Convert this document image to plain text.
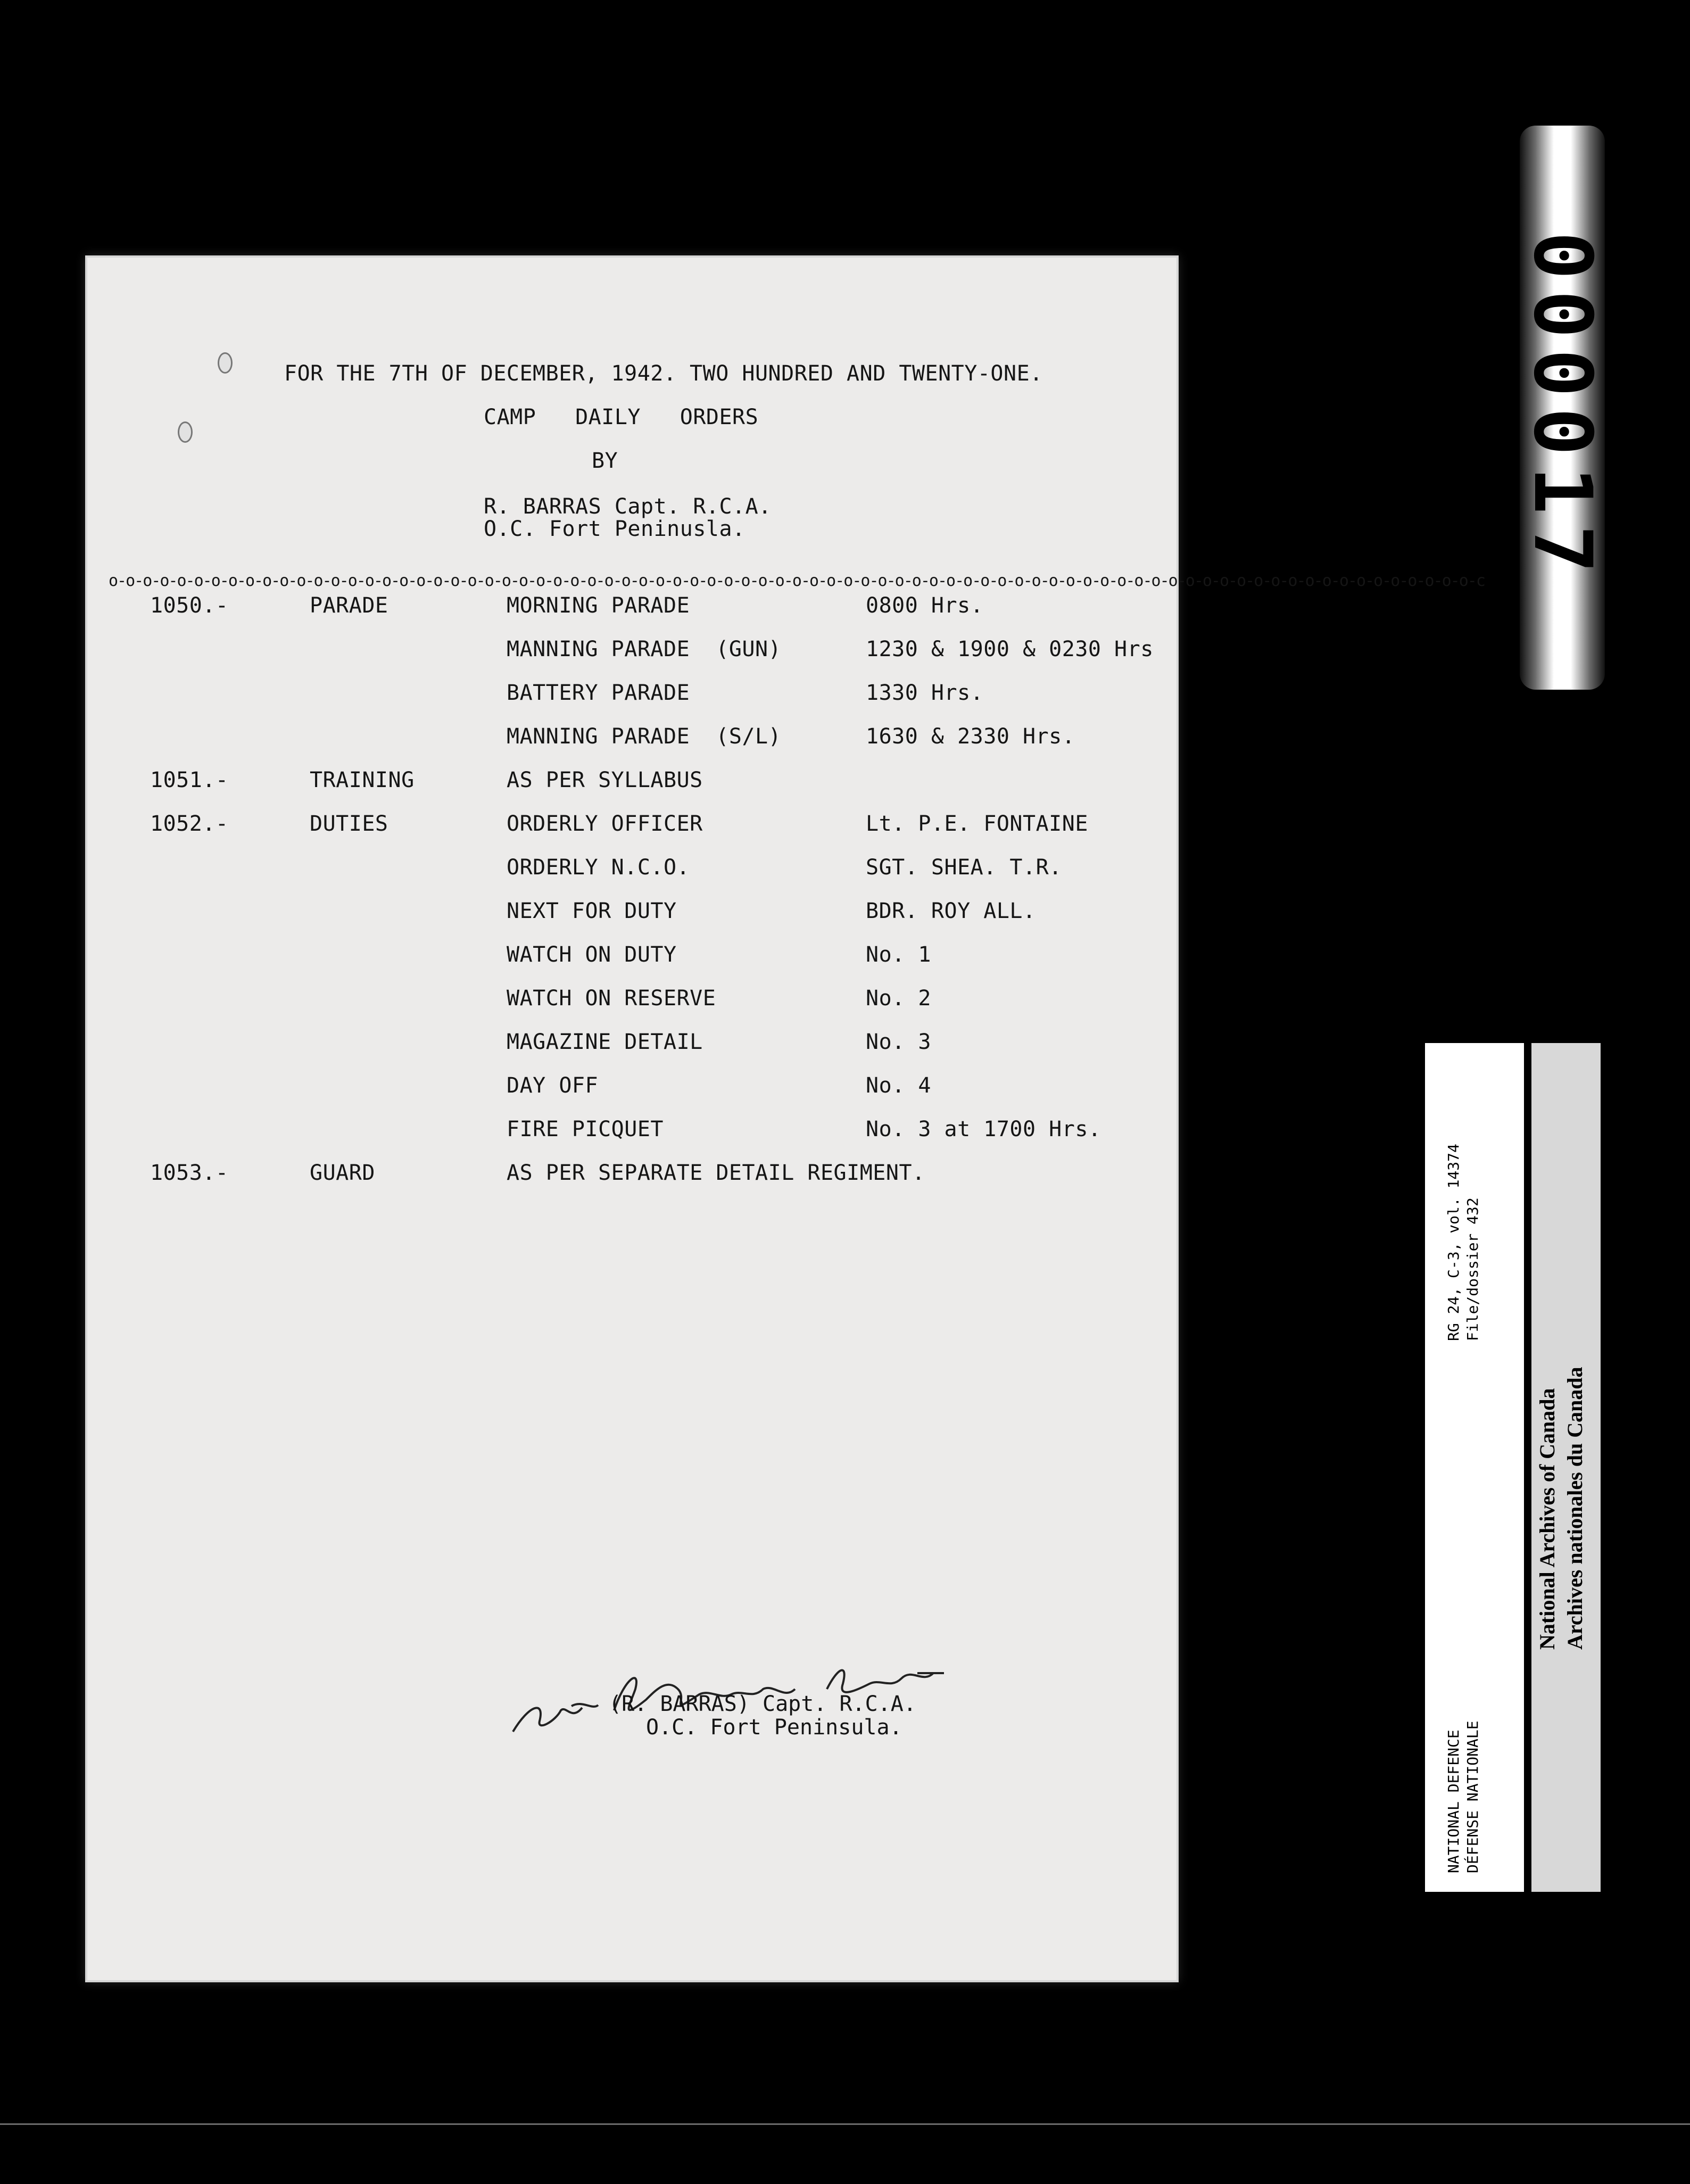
FOR THE 7TH OF DECEMBER, 1942. TWO HUNDRED AND TWENTY-ONE.
CAMP   DAILY   ORDERS
BY
R. BARRAS Capt. R.C.A.
O.C. Fort Peninusla.
o-o-o-o-o-o-o-o-o-o-o-o-o-o-o-o-o-o-o-o-o-o-o-o-o-o-o-o-o-o-o-o-o-o-o-o-o-o-o-o-o-o-o-o-o-o-o-o-o-o-o-o-o-o-o-o-o-o-o-o-o-o-o-o-o-o-o-o-o-o-o-o-o-o-o-o-o-o-o-o-c
1050.-	PARADE	MORNING PARADE	0800 Hrs.
MANNING PARADE  (GUN)	1230 & 1900 & 0230 Hrs
BATTERY PARADE	1330 Hrs.
MANNING PARADE  (S/L)	1630 & 2330 Hrs.
1051.-	TRAINING	AS PER SYLLABUS
1052.-	DUTIES	ORDERLY OFFICER	Lt. P.E. FONTAINE
ORDERLY N.C.O.	SGT. SHEA. T.R.
NEXT FOR DUTY	BDR. ROY ALL.
WATCH ON DUTY	No. 1
WATCH ON RESERVE	No. 2
MAGAZINE DETAIL	No. 3
DAY OFF	No. 4
FIRE PICQUET	No. 3 at 1700 Hrs.
1053.-	GUARD	AS PER SEPARATE DETAIL REGIMENT.
(R. BARRAS) Capt. R.C.A.
O.C. Fort Peninsula.
000017
NATIONAL DEFENCE DÉFENSE NATIONALE
RG 24, C-3, vol. 14374 File/dossier 432
National Archives of Canada Archives nationales du Canada
